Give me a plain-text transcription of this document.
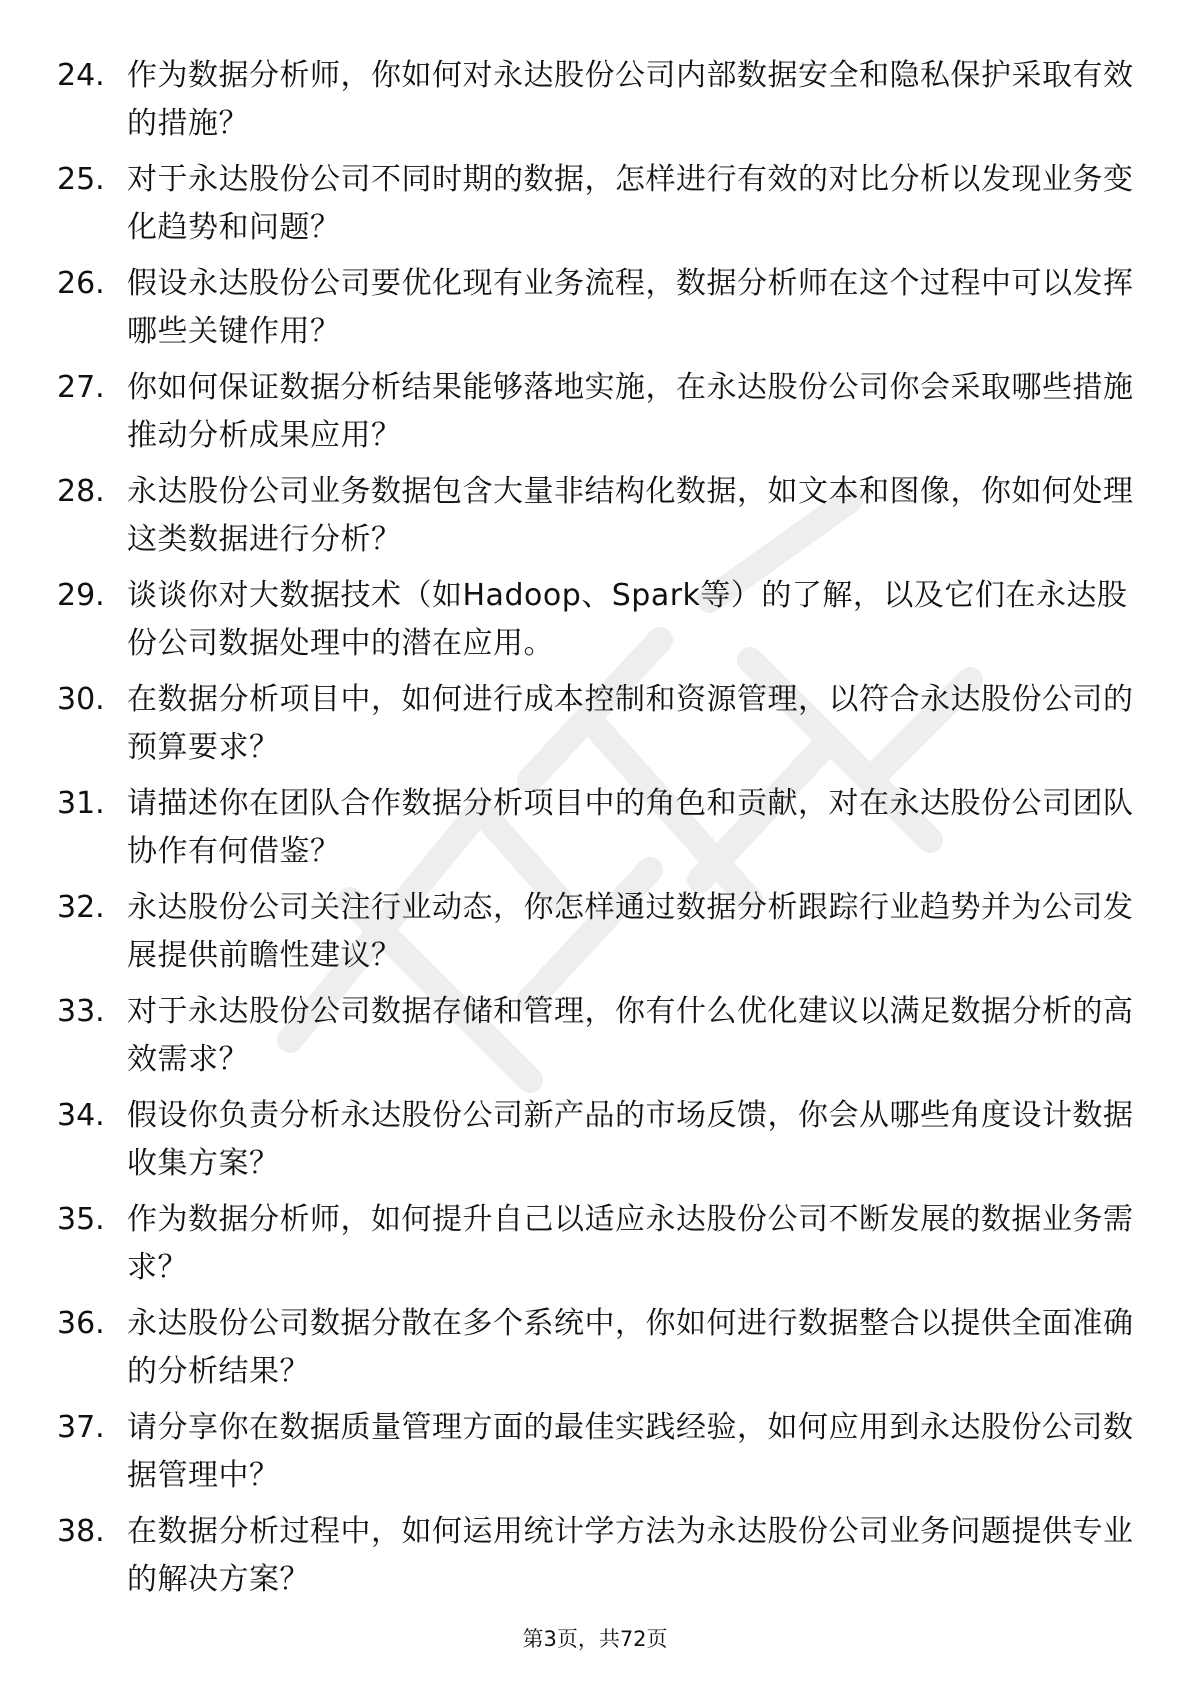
24. 作为数据分析师，你如何对永达股份公司内部数据安全和隐私保护采取有效的措施？
25. 对于永达股份公司不同时期的数据，怎样进行有效的对比分析以发现业务变化趋势和问题？
26. 假设永达股份公司要优化现有业务流程，数据分析师在这个过程中可以发挥哪些关键作用？
27. 你如何保证数据分析结果能够落地实施，在永达股份公司你会采取哪些措施推动分析成果应用？
28. 永达股份公司业务数据包含大量非结构化数据，如文本和图像，你如何处理这类数据进行分析？
29. 谈谈你对大数据技术（如Hadoop、Spark等）的了解，以及它们在永达股份公司数据处理中的潜在应用。
30. 在数据分析项目中，如何进行成本控制和资源管理，以符合永达股份公司的预算要求？
31. 请描述你在团队合作数据分析项目中的角色和贡献，对在永达股份公司团队协作有何借鉴？
32. 永达股份公司关注行业动态，你怎样通过数据分析跟踪行业趋势并为公司发展提供前瞻性建议？
33. 对于永达股份公司数据存储和管理，你有什么优化建议以满足数据分析的高效需求？
34. 假设你负责分析永达股份公司新产品的市场反馈，你会从哪些角度设计数据收集方案？
35. 作为数据分析师，如何提升自己以适应永达股份公司不断发展的数据业务需求？
36. 永达股份公司数据分散在多个系统中，你如何进行数据整合以提供全面准确的分析结果？
37. 请分享你在数据质量管理方面的最佳实践经验，如何应用到永达股份公司数据管理中？
38. 在数据分析过程中，如何运用统计学方法为永达股份公司业务问题提供专业的解决方案？
第3页，共72页
